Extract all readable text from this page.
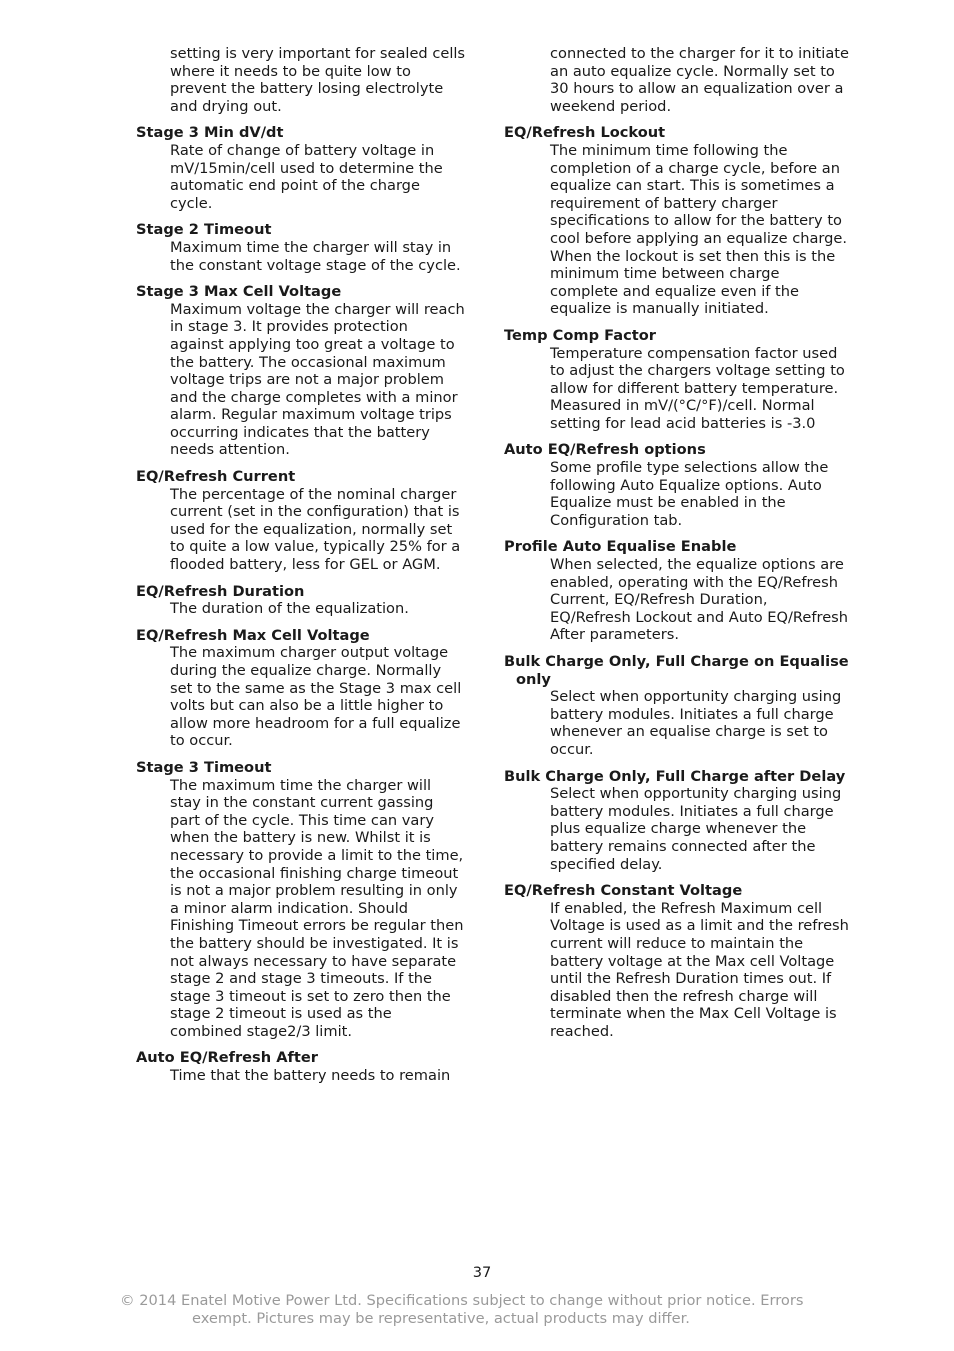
setting is very important for sealed cells where it needs to be quite low to prevent the battery losing electrolyte and drying out.
Stage 3 Min dV/dt
Rate of change of battery voltage in mV/15min/cell used to determine the automatic end point of the charge cycle.
Stage 2 Timeout
Maximum time the charger will stay in the constant voltage stage of the cycle.
Stage 3 Max Cell Voltage
Maximum voltage the charger will reach in stage 3. It provides protection against applying too great a voltage to the battery. The occasional maximum voltage trips are not a major problem and the charge completes with a minor alarm. Regular maximum voltage trips occurring indicates that the battery needs attention.
EQ/Refresh Current
The percentage of the nominal charger current (set in the configuration) that is used for the equalization, normally set to quite a low value, typically 25% for a flooded battery, less for GEL or AGM.
EQ/Refresh Duration
The duration of the equalization.
EQ/Refresh Max Cell Voltage
The maximum charger output voltage during the equalize charge. Normally set to the same as the Stage 3 max cell volts but can also be a little higher to allow more headroom for a full equalize to occur.
Stage 3 Timeout
The maximum time the charger will stay in the constant current gassing part of the cycle. This time can vary when the battery is new. Whilst it is necessary to provide a limit to the time, the occasional finishing charge timeout is not a major problem resulting in only a minor alarm indication. Should Finishing Timeout errors be regular then the battery should be investigated. It is not always necessary to have separate stage 2 and stage 3 timeouts. If the stage 3 timeout is set to zero then the stage 2 timeout is used as the combined stage2/3 limit.
Auto EQ/Refresh After
Time that the battery needs to remain
connected to the charger for it to initiate an auto equalize cycle. Normally set to 30 hours to allow an equalization over a weekend period.
EQ/Refresh Lockout
The minimum time following the completion of a charge cycle, before an equalize can start. This is sometimes a requirement of battery charger specifications to allow for the battery to cool before applying an equalize charge. When the lockout is set then this is the minimum time between charge complete and equalize even if the equalize is manually initiated.
Temp Comp Factor
Temperature compensation factor used to adjust the chargers voltage setting to allow for different battery temperature. Measured in mV/(°C/°F)/cell. Normal setting for lead acid batteries is -3.0
Auto EQ/Refresh options
Some profile type selections allow the following Auto Equalize options. Auto Equalize must be enabled in the Configuration tab.
Profile Auto Equalise Enable
When selected, the equalize options are enabled, operating with the EQ/Refresh Current, EQ/Refresh Duration, EQ/Refresh Lockout and Auto EQ/Refresh After parameters.
Bulk Charge Only, Full Charge on Equalise only
Select when opportunity charging using battery modules. Initiates a full charge whenever an equalise charge is set to occur.
Bulk Charge Only, Full Charge after Delay
Select when opportunity charging using battery modules. Initiates a full charge plus equalize charge whenever the battery remains connected after the specified delay.
EQ/Refresh Constant Voltage
If enabled, the Refresh Maximum cell Voltage is used as a limit and the refresh current will reduce to maintain the battery voltage at the Max cell Voltage until the Refresh Duration times out. If disabled then the refresh charge will terminate when the Max Cell Voltage is reached.
37
© 2014 Enatel Motive Power Ltd. Specifications subject to change without prior notice. Errors
exempt. Pictures may be representative, actual products may differ.
